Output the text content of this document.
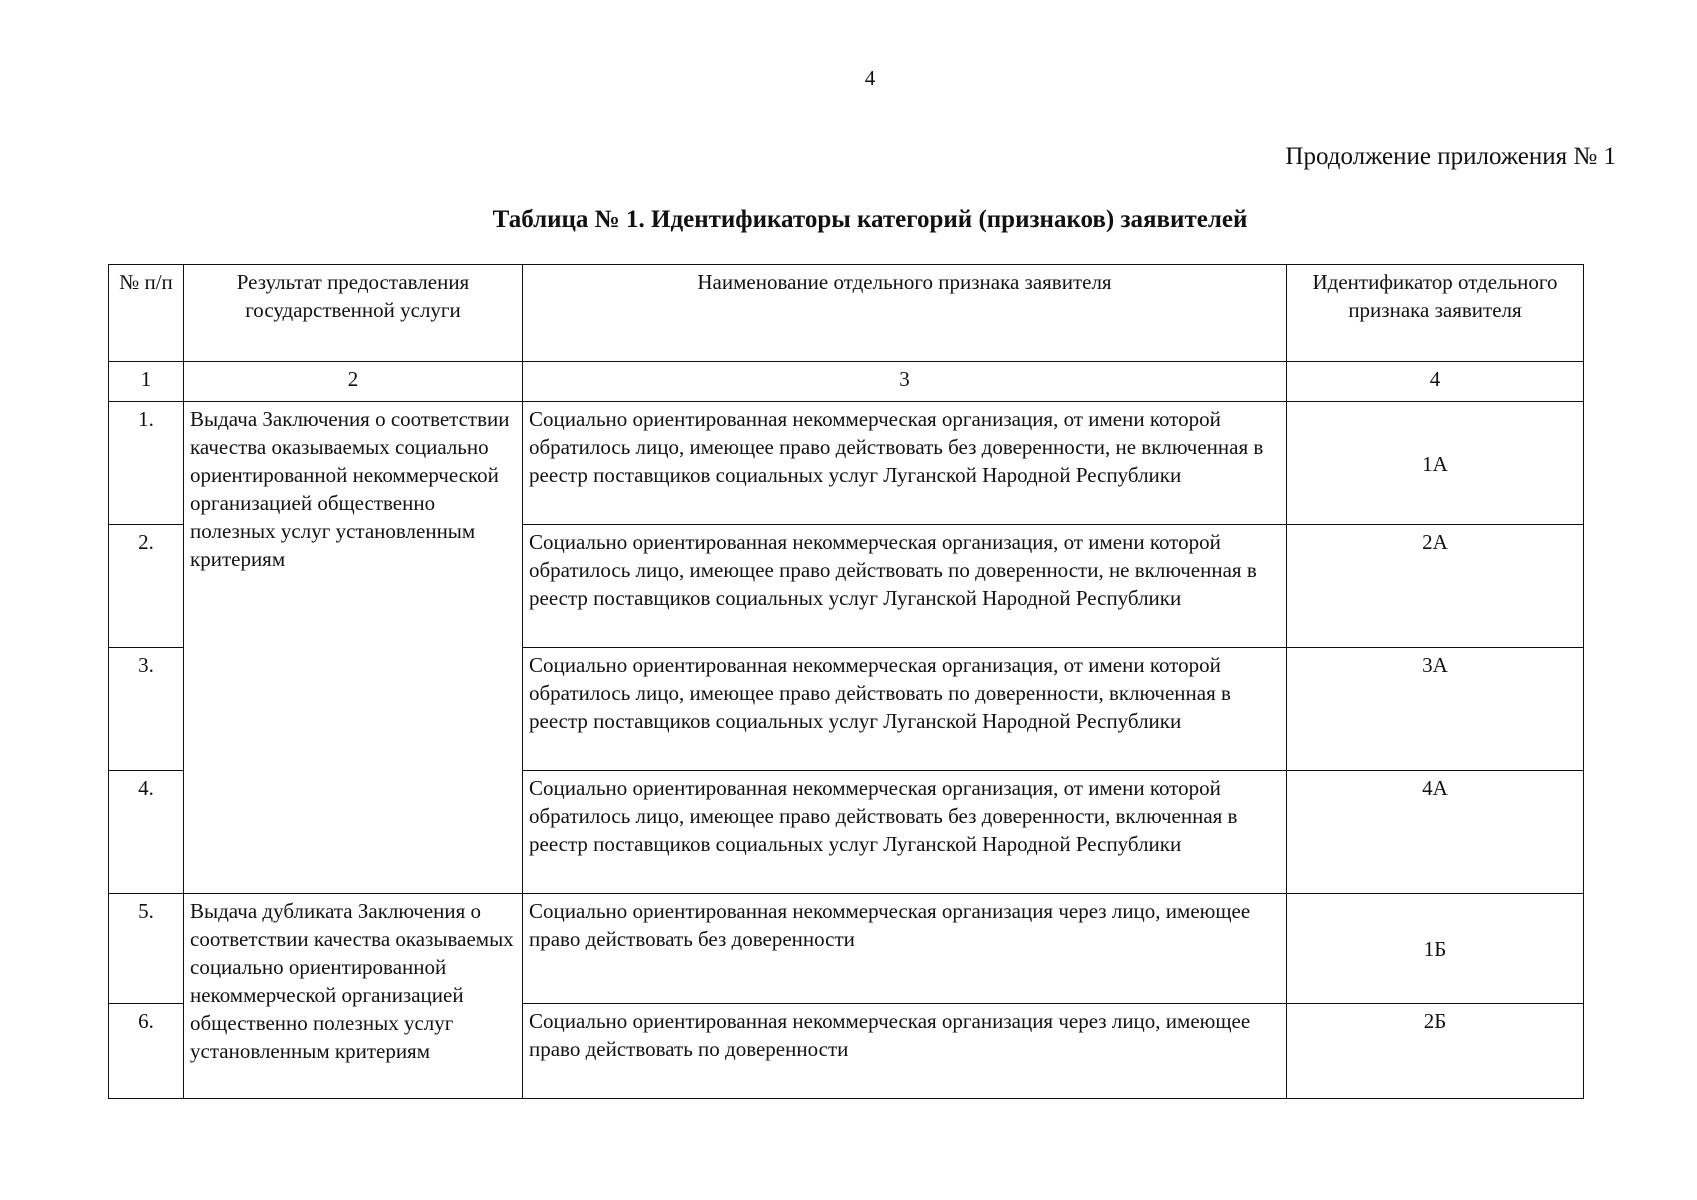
4
Продолжение приложения № 1
Таблица № 1. Идентификаторы категорий (признаков) заявителей
№ п/п	Результат предоставления государственной услуги	Наименование отдельного признака заявителя	Идентификатор отдельного признака заявителя
1	2	3	4
1.	Выдача Заключения о соответствии качества оказываемых социально ориентированной некоммерческой организацией общественно полезных услуг установленным критериям	Социально ориентированная некоммерческая организация, от имени которой обратилось лицо, имеющее право действовать без доверенности, не включенная в реестр поставщиков социальных услуг Луганской Народной Республики	1А
2.		Социально ориентированная некоммерческая организация, от имени которой обратилось лицо, имеющее право действовать по доверенности, не включенная в реестр поставщиков социальных услуг Луганской Народной Республики	2А
3.		Социально ориентированная некоммерческая организация, от имени которой обратилось лицо, имеющее право действовать по доверенности, включенная в реестр поставщиков социальных услуг Луганской Народной Республики	3А
4.		Социально ориентированная некоммерческая организация, от имени которой обратилось лицо, имеющее право действовать без доверенности, включенная в реестр поставщиков социальных услуг Луганской Народной Республики	4А
5.	Выдача дубликата Заключения о соответствии качества оказываемых социально ориентированной некоммерческой организацией общественно полезных услуг установленным критериям	Социально ориентированная некоммерческая организация через лицо, имеющее право действовать без доверенности	1Б
6.		Социально ориентированная некоммерческая организация через лицо, имеющее право действовать по доверенности	2Б
